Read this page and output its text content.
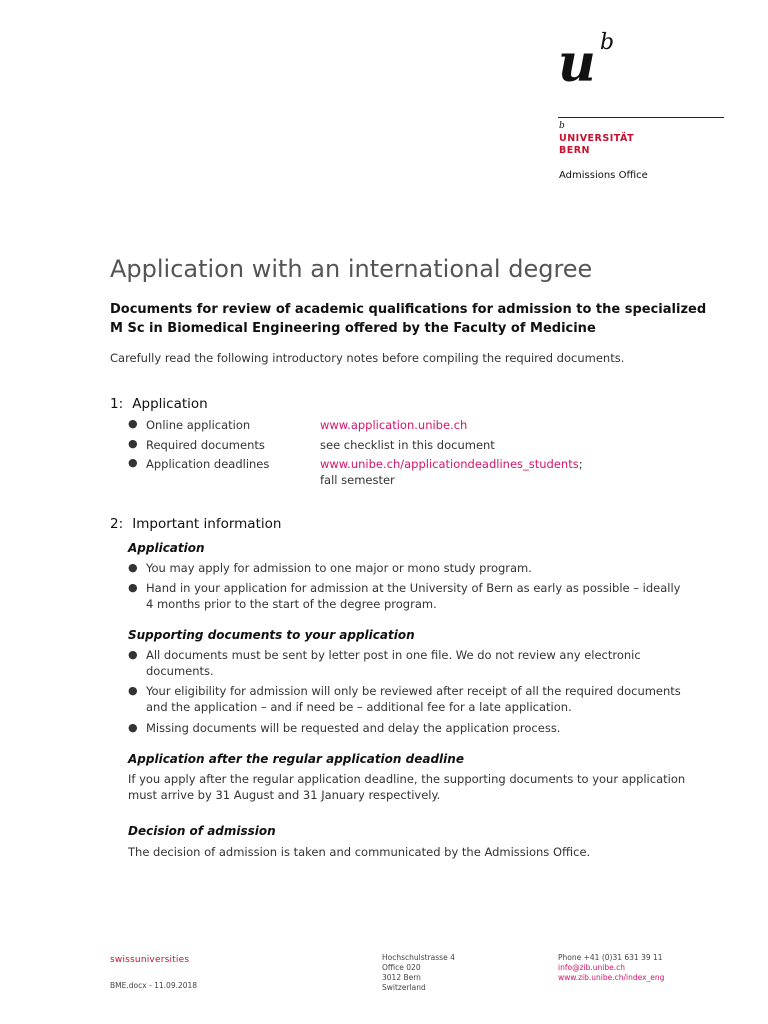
u b
b
UNIVERSITÄT
BERN
Admissions Office
Application with an international degree
Documents for review of academic qualifications for admission to the specialized
M Sc in Biomedical Engineering offered by the Faculty of Medicine
Carefully read the following introductory notes before compiling the required documents.
1: Application
● Online application	www.application.unibe.ch
● Required documents	see checklist in this document
● Application deadlines	www.unibe.ch/applicationdeadlines_students;
fall semester
2: Important information
Application
● You may apply for admission to one major or mono study program.
● Hand in your application for admission at the University of Bern as early as possible – ideally 4 months prior to the start of the degree program.
Supporting documents to your application
● All documents must be sent by letter post in one file. We do not review any electronic documents.
● Your eligibility for admission will only be reviewed after receipt of all the required documents and the application – and if need be – additional fee for a late application.
● Missing documents will be requested and delay the application process.
Application after the regular application deadline
If you apply after the regular application deadline, the supporting documents to your application must arrive by 31 August and 31 January respectively.
Decision of admission
The decision of admission is taken and communicated by the Admissions Office.
swissuniversities
BME.docx - 11.09.2018
Hochschulstrasse 4
Office 020
3012 Bern
Switzerland
Phone +41 (0)31 631 39 11
info@zib.unibe.ch
www.zib.unibe.ch/index_eng
